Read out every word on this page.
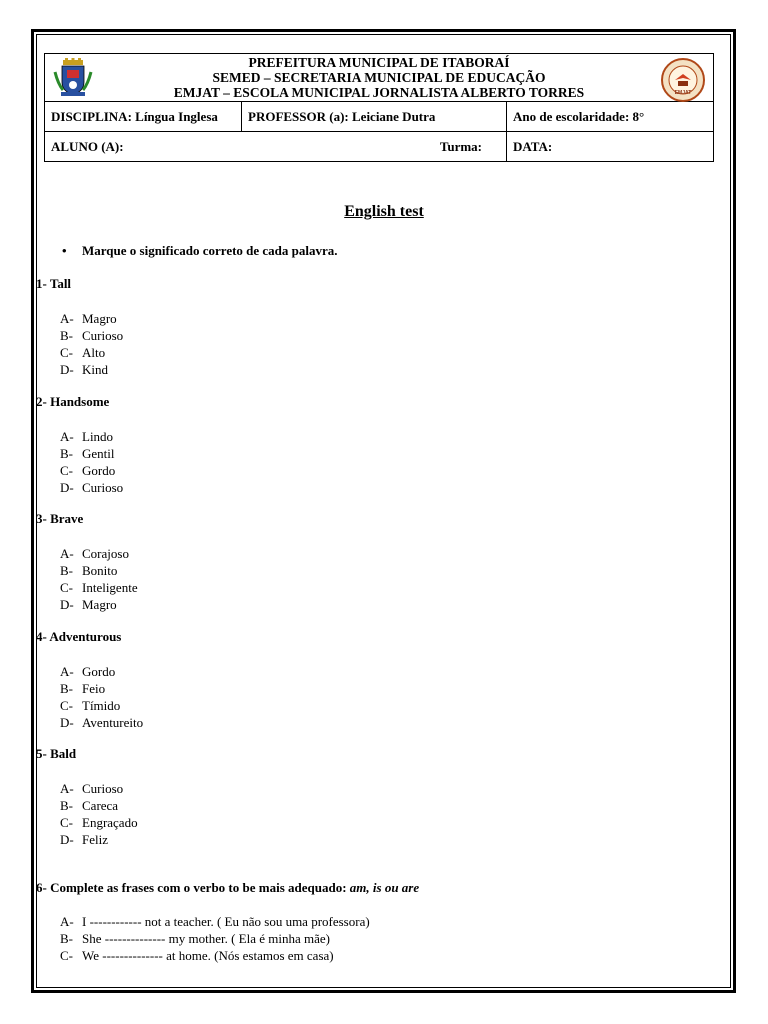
PREFEITURA MUNICIPAL DE ITABORAÍ
SEMED – SECRETARIA MUNICIPAL DE EDUCAÇÃO
EMJAT – ESCOLA MUNICIPAL JORNALISTA ALBERTO TORRES EMJAT		

DISCIPLINA: Língua Inglesa	PROFESSOR (a): Leiciane Dutra	Ano de escolaridade: 8°
ALUNO (A): Turma:		DATA:
English test
• Marque o significado correto de cada palavra.
1- Tall
A- Magro
B- Curioso
C- Alto
D- Kind
2- Handsome
A- Lindo
B- Gentil
C- Gordo
D- Curioso
3- Brave
A- Corajoso
B- Bonito
C- Inteligente
D- Magro
4- Adventurous
A- Gordo
B- Feio
C- Tímido
D- Aventureito
5- Bald
A- Curioso
B- Careca
C- Engraçado
D- Feliz
6- Complete as frases com o verbo to be mais adequado: am, is ou are
A- I ------------ not a teacher. ( Eu não sou uma professora)
B- She -------------- my mother. ( Ela é minha mãe)
C- We -------------- at home. (Nós estamos em casa)
